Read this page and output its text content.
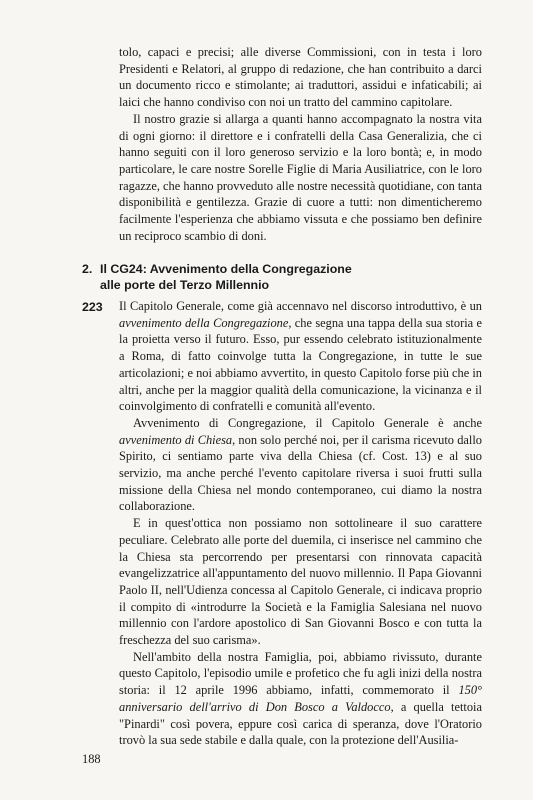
tolo, capaci e precisi; alle diverse Commissioni, con in testa i loro Presidenti e Relatori, al gruppo di redazione, che han contribuito a darci un documento ricco e stimolante; ai traduttori, assidui e infaticabili; ai laici che hanno condiviso con noi un tratto del cammino capitolare.

Il nostro grazie si allarga a quanti hanno accompagnato la nostra vita di ogni giorno: il direttore e i confratelli della Casa Generalizia, che ci hanno seguiti con il loro generoso servizio e la loro bontà; e, in modo particolare, le care nostre Sorelle Figlie di Maria Ausiliatrice, con le loro ragazze, che hanno provveduto alle nostre necessità quotidiane, con tanta disponibilità e gentilezza. Grazie di cuore a tutti: non dimenticheremo facilmente l'esperienza che abbiamo vissuta e che possiamo ben definire un reciproco scambio di doni.

2. Il CG24: Avvenimento della Congregazione
alle porte del Terzo Millennio
223 Il Capitolo Generale, come già accennavo nel discorso introduttivo, è un avvenimento della Congregazione, che segna una tappa della sua storia e la proietta verso il futuro. Esso, pur essendo celebrato istituzionalmente a Roma, di fatto coinvolge tutta la Congregazione, in tutte le sue articolazioni; e noi abbiamo avvertito, in questo Capitolo forse più che in altri, anche per la maggior qualità della comunicazione, la vicinanza e il coinvolgimento di confratelli e comunità all'evento.

Avvenimento di Congregazione, il Capitolo Generale è anche avvenimento di Chiesa, non solo perché noi, per il carisma ricevuto dallo Spirito, ci sentiamo parte viva della Chiesa (cf. Cost. 13) e al suo servizio, ma anche perché l'evento capitolare riversa i suoi frutti sulla missione della Chiesa nel mondo contemporaneo, cui diamo la nostra collaborazione.

E in quest'ottica non possiamo non sottolineare il suo carattere peculiare. Celebrato alle porte del duemila, ci inserisce nel cammino che la Chiesa sta percorrendo per presentarsi con rinnovata capacità evangelizzatrice all'appuntamento del nuovo millennio. Il Papa Giovanni Paolo II, nell'Udienza concessa al Capitolo Generale, ci indicava proprio il compito di «introdurre la Società e la Famiglia Salesiana nel nuovo millennio con l'ardore apostolico di San Giovanni Bosco e con tutta la freschezza del suo carisma».

Nell'ambito della nostra Famiglia, poi, abbiamo rivissuto, durante questo Capitolo, l'episodio umile e profetico che fu agli inizi della nostra storia: il 12 aprile 1996 abbiamo, infatti, commemorato il 150° anniversario dell'arrivo di Don Bosco a Valdocco, a quella tettoia "Pinardi" così povera, eppure così carica di speranza, dove l'Oratorio trovò la sua sede stabile e dalla quale, con la protezione dell'Ausilia-

188
